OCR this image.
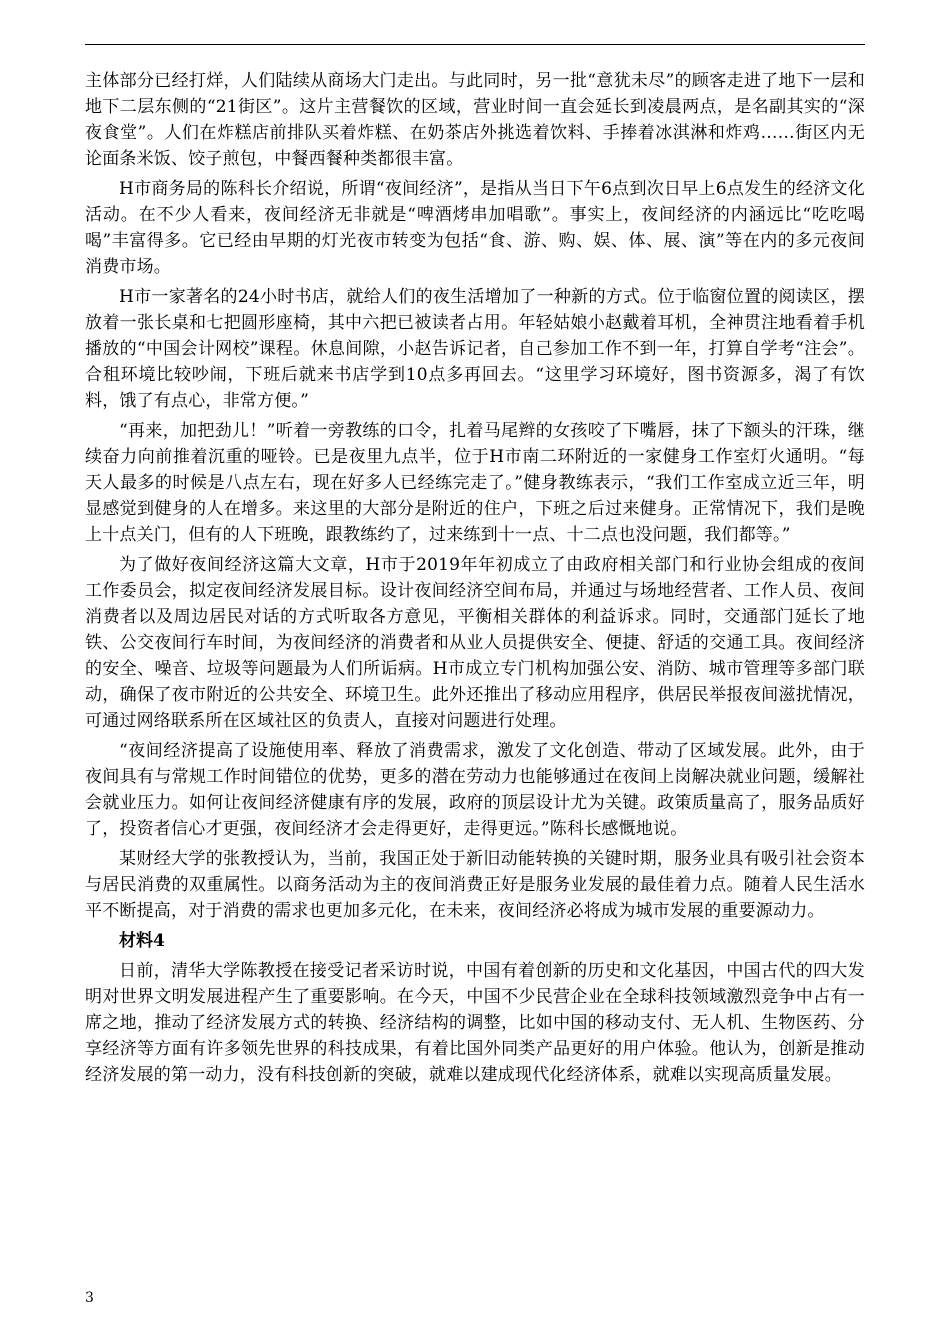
主体部分已经打烊，人们陆续从商场大门走出。与此同时，另一批“意犹未尽”的顾客走进了地下一层和地下二层东侧的“21街区”。这片主营餐饮的区域，营业时间一直会延长到凌晨两点，是名副其实的“深夜食堂”。人们在炸糕店前排队买着炸糕、在奶茶店外挑选着饮料、手捧着冰淇淋和炸鸡……街区内无论面条米饭、饺子煎包，中餐西餐种类都很丰富。

H市商务局的陈科长介绍说，所谓“夜间经济”，是指从当日下午6点到次日早上6点发生的经济文化活动。在不少人看来，夜间经济无非就是“啤酒烤串加唱歌”。事实上，夜间经济的内涵远比“吃吃喝喝”丰富得多。它已经由早期的灯光夜市转变为包括“食、游、购、娱、体、展、演”等在内的多元夜间消费市场。

H市一家著名的24小时书店，就给人们的夜生活增加了一种新的方式。位于临窗位置的阅读区，摆放着一张长桌和七把圆形座椅，其中六把已被读者占用。年轻姑娘小赵戴着耳机，全神贯注地看着手机播放的“中国会计网校”课程。休息间隙，小赵告诉记者，自己参加工作不到一年，打算自学考“注会”。合租环境比较吵闹，下班后就来书店学到10点多再回去。“这里学习环境好，图书资源多，渴了有饮料，饿了有点心，非常方便。”

“再来，加把劲儿！”听着一旁教练的口令，扎着马尾辫的女孩咬了下嘴唇，抹了下额头的汗珠，继续奋力向前推着沉重的哑铃。已是夜里九点半，位于H市南二环附近的一家健身工作室灯火通明。“每天人最多的时候是八点左右，现在好多人已经练完走了。”健身教练表示，“我们工作室成立近三年，明显感觉到健身的人在增多。来这里的大部分是附近的住户，下班之后过来健身。正常情况下，我们是晚上十点关门，但有的人下班晚，跟教练约了，过来练到十一点、十二点也没问题，我们都等。”

为了做好夜间经济这篇大文章，H市于2019年年初成立了由政府相关部门和行业协会组成的夜间工作委员会，拟定夜间经济发展目标。设计夜间经济空间布局，并通过与场地经营者、工作人员、夜间消费者以及周边居民对话的方式听取各方意见，平衡相关群体的利益诉求。同时，交通部门延长了地铁、公交夜间行车时间，为夜间经济的消费者和从业人员提供安全、便捷、舒适的交通工具。夜间经济的安全、噪音、垃圾等问题最为人们所诟病。H市成立专门机构加强公安、消防、城市管理等多部门联动，确保了夜市附近的公共安全、环境卫生。此外还推出了移动应用程序，供居民举报夜间滋扰情况，可通过网络联系所在区域社区的负责人，直接对问题进行处理。

“夜间经济提高了设施使用率、释放了消费需求，激发了文化创造、带动了区域发展。此外，由于夜间具有与常规工作时间错位的优势，更多的潜在劳动力也能够通过在夜间上岗解决就业问题，缓解社会就业压力。如何让夜间经济健康有序的发展，政府的顶层设计尤为关键。政策质量高了，服务品质好了，投资者信心才更强，夜间经济才会走得更好，走得更远。”陈科长感慨地说。

某财经大学的张教授认为，当前，我国正处于新旧动能转换的关键时期，服务业具有吸引社会资本与居民消费的双重属性。以商务活动为主的夜间消费正好是服务业发展的最佳着力点。随着人民生活水平不断提高，对于消费的需求也更加多元化，在未来，夜间经济必将成为城市发展的重要源动力。

材料4

日前，清华大学陈教授在接受记者采访时说，中国有着创新的历史和文化基因，中国古代的四大发明对世界文明发展进程产生了重要影响。在今天，中国不少民营企业在全球科技领域激烈竞争中占有一席之地，推动了经济发展方式的转换、经济结构的调整，比如中国的移动支付、无人机、生物医药、分享经济等方面有许多领先世界的科技成果，有着比国外同类产品更好的用户体验。他认为，创新是推动经济发展的第一动力，没有科技创新的突破，就难以建成现代化经济体系，就难以实现高质量发展。

3
